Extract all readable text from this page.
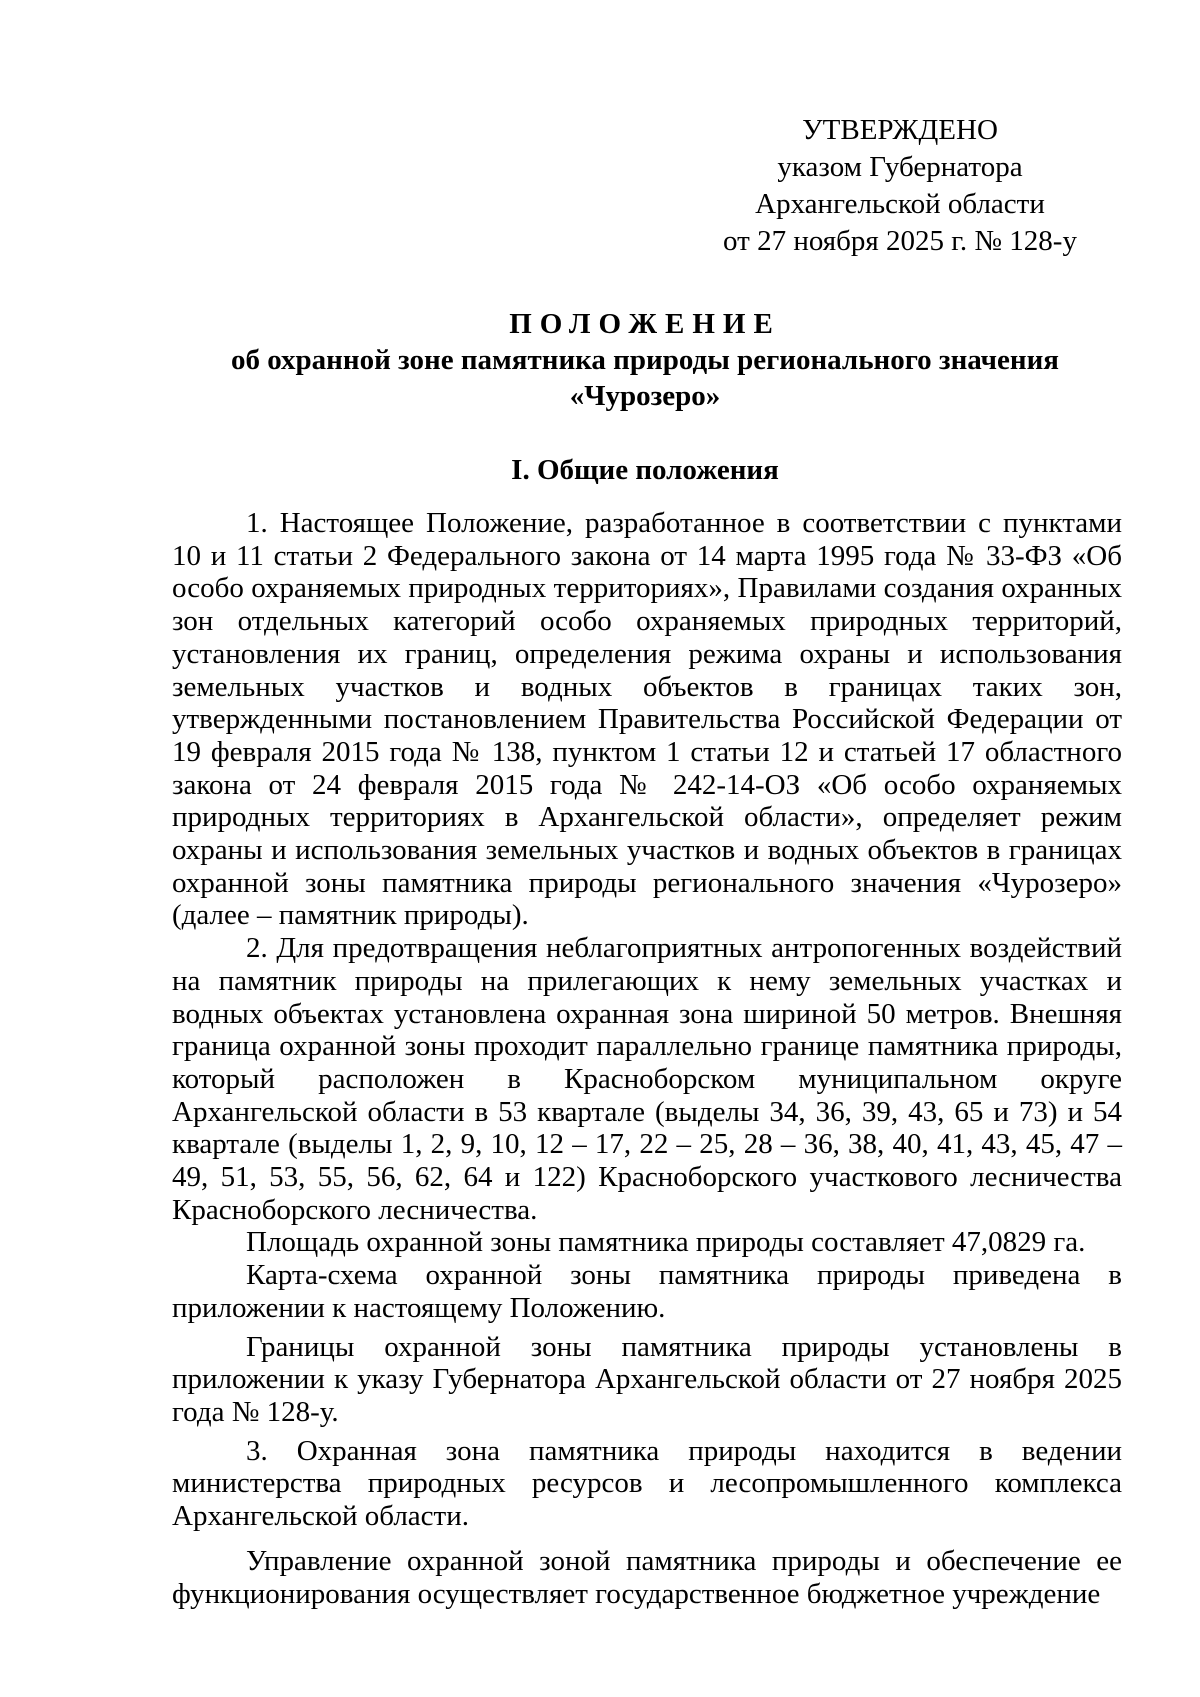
УТВЕРЖДЕНО
указом Губернатора
Архангельской области
от 27 ноября 2025 г. № 128-у
ПОЛОЖЕНИЕ
об охранной зоне памятника природы регионального значения
«Чурозеро»
I. Общие положения

1. Настоящее Положение, разработанное в соответствии с пунктами 10 и 11 статьи 2 Федерального закона от 14 марта 1995 года № 33-ФЗ «Об особо охраняемых природных территориях», Правилами создания охранных зон отдельных категорий особо охраняемых природных территорий, установления их границ, определения режима охраны и использования земельных участков и водных объектов в границах таких зон, утвержденными постановлением Правительства Российской Федерации от 19 февраля 2015 года № 138, пунктом 1 статьи 12 и статьей 17 областного закона от 24 февраля 2015 года № 242-14-ОЗ «Об особо охраняемых природных территориях в Архангельской области», определяет режим охраны и использования земельных участков и водных объектов в границах охранной зоны памятника природы регионального значения «Чурозеро» (далее – памятник природы).

2. Для предотвращения неблагоприятных антропогенных воздействий на памятник природы на прилегающих к нему земельных участках и водных объектах установлена охранная зона шириной 50 метров. Внешняя граница охранной зоны проходит параллельно границе памятника природы, который расположен в Красноборском муниципальном округе Архангельской области в 53 квартале (выделы 34, 36, 39, 43, 65 и 73) и 54 квартале (выделы 1, 2, 9, 10, 12 – 17, 22 – 25, 28 – 36, 38, 40, 41, 43, 45, 47 – 49, 51, 53, 55, 56, 62, 64 и 122) Красноборского участкового лесничества Красноборского лесничества.

Площадь охранной зоны памятника природы составляет 47,0829 га.

Карта-схема охранной зоны памятника природы приведена в приложении к настоящему Положению.

Границы охранной зоны памятника природы установлены в приложении к указу Губернатора Архангельской области от 27 ноября 2025 года № 128-у.

3. Охранная зона памятника природы находится в ведении министерства природных ресурсов и лесопромышленного комплекса Архангельской области.

Управление охранной зоной памятника природы и обеспечение ее функционирования осуществляет государственное бюджетное учреждение
